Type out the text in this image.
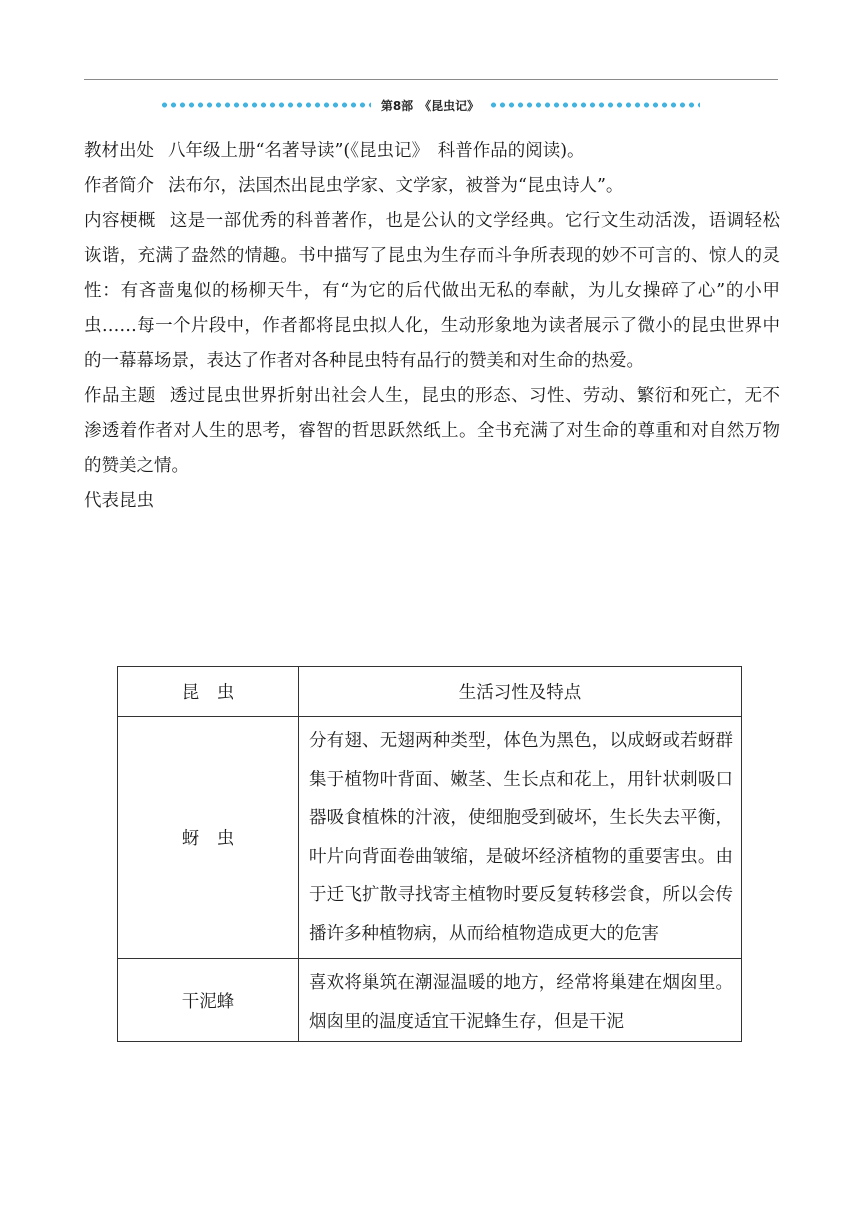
第8部　《昆虫记》

教材出处 八年级上册“名著导读”(《昆虫记》　科普作品的阅读)。

作者简介 法布尔，法国杰出昆虫学家、文学家，被誉为“昆虫诗人”。

内容梗概 这是一部优秀的科普著作，也是公认的文学经典。它行文生动活泼，语调轻松诙谐，充满了盎然的情趣。书中描写了昆虫为生存而斗争所表现的妙不可言的、惊人的灵性：有吝啬鬼似的杨柳天牛，有“为它的后代做出无私的奉献，为儿女操碎了心”的小甲虫……每一个片段中，作者都将昆虫拟人化，生动形象地为读者展示了微小的昆虫世界中的一幕幕场景，表达了作者对各种昆虫特有品行的赞美和对生命的热爱。

作品主题 透过昆虫世界折射出社会人生，昆虫的形态、习性、劳动、繁衍和死亡，无不渗透着作者对人生的思考，睿智的哲思跃然纸上。全书充满了对生命的尊重和对自然万物的赞美之情。

代表昆虫

昆　虫	生活习性及特点
蚜　虫	分有翅、无翅两种类型，体色为黑色，以成蚜或若蚜群集于植物叶背面、嫩茎、生长点和花上，用针状刺吸口器吸食植株的汁液，使细胞受到破坏，生长失去平衡，叶片向背面卷曲皱缩，是破坏经济植物的重要害虫。由于迁飞扩散寻找寄主植物时要反复转移尝食，所以会传播许多种植物病，从而给植物造成更大的危害
干泥蜂	喜欢将巢筑在潮湿温暖的地方，经常将巢建在烟囱里。烟囱里的温度适宜干泥蜂生存，但是干泥
